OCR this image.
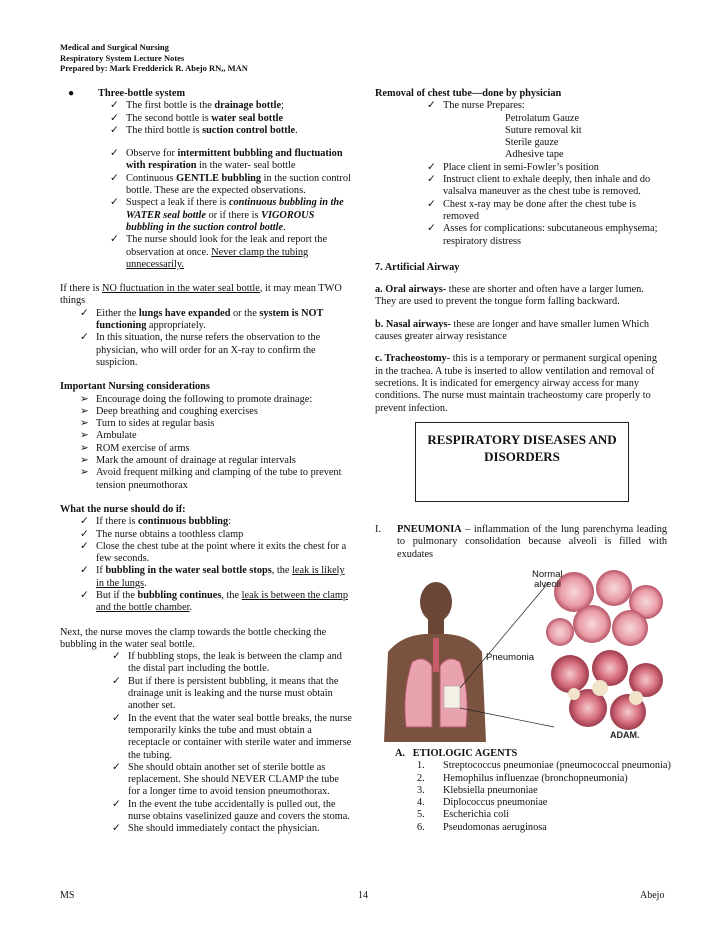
Medical and Surgical Nursing
Respiratory System Lecture Notes
Prepared by: Mark Fredderick R. Abejo RN,, MAN

●	Three-bottle system

✓ The first bottle is the drainage bottle;

✓ The second bottle is water seal bottle

✓ The third bottle is suction control bottle.

✓ Observe for intermittent bubbling and fluctuation with respiration in the water- seal bottle

✓ Continuous GENTLE bubbling in the suction control bottle. These are the expected observations.

✓ Suspect a leak if there is continuous bubbling in the WATER seal bottle or if there is VIGOROUS bubbling in the suction control bottle.

✓ The nurse should look for the leak and report the observation at once. Never clamp the tubing unnecessarily.

If there is NO fluctuation in the water seal bottle, it may mean TWO things

✓ Either the lungs have expanded or the system is NOT functioning appropriately.

✓ In this situation, the nurse refers the observation to the physician, who will order for an X-ray to confirm the suspicion.

Important Nursing considerations

➢ Encourage doing the following to promote drainage:

➢ Deep breathing and coughing exercises

➢ Turn to sides at regular basis

➢ Ambulate

➢ ROM exercise of arms

➢ Mark the amount of drainage at regular intervals

➢ Avoid frequent milking and clamping of the tube to prevent tension pneumothorax

What the nurse should do if:

✓ If there is continuous bubbling:

✓ The nurse obtains a toothless clamp

✓ Close the chest tube at the point where it exits the chest for a few seconds.

✓ If bubbling in the water seal bottle stops, the leak is likely in the lungs.

✓ But if the bubbling continues, the leak is between the clamp and the bottle chamber.

Next, the nurse moves the clamp towards the bottle checking the bubbling in the water seal bottle.

✓ If bubbling stops, the leak is between the clamp and the distal part including the bottle.

✓ But if there is persistent bubbling, it means that the drainage unit is leaking and the nurse must obtain another set.

✓ In the event that the water seal bottle breaks, the nurse temporarily kinks the tube and must obtain a receptacle or container with sterile water and immerse the tubing.

✓ She should obtain another set of sterile bottle as replacement. She should NEVER CLAMP the tube for a longer time to avoid tension pneumothorax.

✓ In the event the tube accidentally is pulled out, the nurse obtains vaselinized gauze and covers the stoma.

✓ She should immediately contact the physician.

Removal of chest tube—done by physician

✓ The nurse Prepares:

Petrolatum Gauze

Suture removal kit

Sterile gauze

Adhesive tape

✓ Place client in semi-Fowler’s position

✓ Instruct client to exhale deeply, then inhale and do valsalva maneuver as the chest tube is removed.

✓ Chest x-ray may be done after the chest tube is removed

✓ Asses for complications: subcutaneous emphysema; respiratory distress

7. Artificial Airway

a. Oral airways- these are shorter and often have a larger lumen. They are used to prevent the tongue form falling backward.

b. Nasal airways- these are longer and have smaller lumen Which causes greater airway resistance

c. Tracheostomy- this is a temporary or permanent surgical opening in the trachea. A tube is inserted to allow ventilation and removal of secretions. It is indicated for emergency airway access for many conditions. The nurse must maintain tracheostomy care properly to prevent infection.

RESPIRATORY DISEASES AND DISORDERS
I.	PNEUMONIA – inflammation of the lung parenchyma leading to pulmonary consolidation because alveoli is filled with exudates

Normal
alveoli
Pneumonia
ADAM.

A. ETIOLOGIC AGENTS

1.	Streptococcus pneumoniae (pneumococcal pneumonia)

2.	Hemophilus influenzae (bronchopneumonia)

3.	Klebsiella pneumoniae

4.	Diplococcus pneumoniae

5.	Escherichia coli

6.	Pseudomonas aeruginosa

MS	14	Abejo
